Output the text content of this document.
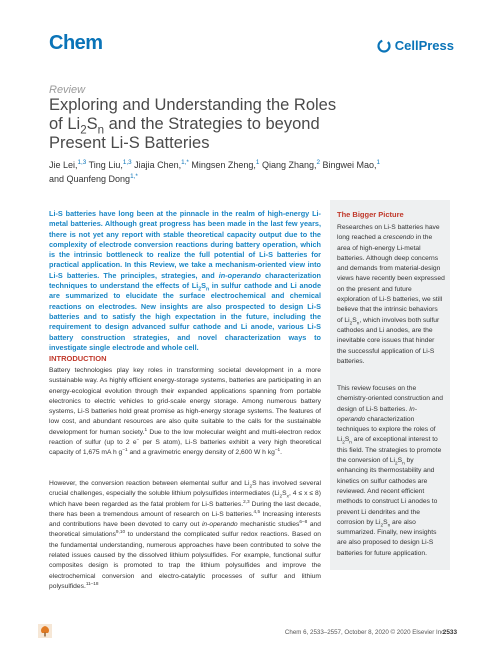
Chem	CellPress
Review
Exploring and Understanding the Roles
of $Li_2S_n$ and the Strategies to beyond
Present Li-S Batteries
Jie Lei,$^{1,3}$ Ting Liu,$^{1,3}$ Jiajia Chen,$^{1,*}$ Mingsen Zheng,$^1$ Qiang Zhang,$^2$ Bingwei Mao,$^1$
and Quanfeng Dong$^{1,*}$
Li-S batteries have long been at the pinnacle in the realm of high-energy Li-metal batteries. Although great progress has been made in the last few years, there is not yet any report with stable theoretical capacity output due to the complexity of electrode conversion reactions during battery operation, which is the intrinsic bottleneck to realize the full potential of Li-S batteries for practical application. In this Review, we take a mechanism-oriented view into Li-S batteries. The principles, strategies, and in-operando characterization techniques to understand the effects of $Li_2S_n$ in sulfur cathode and Li anode are summarized to elucidate the surface electrochemical and chemical reactions on electrodes. New insights are also prospected to design Li-S batteries and to satisfy the high expectation in the future, including the requirement to design advanced sulfur cathode and Li anode, various Li-S battery construction strategies, and novel characterization ways to investigate single electrode and whole cell.
The Bigger Picture
Researches on Li-S batteries have long reached a crescendo in the area of high-energy Li-metal batteries. Although deep concerns and demands from material-design views have recently been expressed on the present and future exploration of Li-S batteries, we still believe that the intrinsic behaviors of $Li_2S_n$, which involves both sulfur cathodes and Li anodes, are the inevitable core issues that hinder the successful application of Li-S batteries.
This review focuses on the chemistry-oriented construction and design of Li-S batteries. In-operando characterization techniques to explore the roles of $Li_2S_n$ are of exceptional interest to this field. The strategies to promote the conversion of $Li_2S_n$ by enhancing its thermostability and kinetics on sulfur cathodes are reviewed. And recent efficient methods to construct Li anodes to prevent Li dendrites and the corrosion by $Li_2S_n$ are also summarized. Finally, new insights are also proposed to design Li-S batteries for future application.
INTRODUCTION

Battery technologies play key roles in transforming societal development in a more sustainable way. As highly efficient energy-storage systems, batteries are participating in an energy-ecological evolution through their expanded applications spanning from portable electronics to electric vehicles to grid-scale energy storage. Among numerous battery systems, Li-S batteries hold great promise as high-energy storage systems. The features of low cost, and abundant resources are also quite suitable to the calls for the sustainable development for human society.$^1$ Due to the low molecular weight and multi-electron redox reaction of sulfur (up to 2 e− per S atom), Li-S batteries exhibit a very high theoretical capacity of 1,675 mA h $g^{-1}$ and a gravimetric energy density of 2,600 W h $kg^{-1}$.

However, the conversion reaction between elemental sulfur and $Li_2S$ has involved several crucial challenges, especially the soluble lithium polysulfides intermediates ($Li_2S_x$, 4 ≤ x ≤ 8) which have been regarded as the fatal problem for Li-S batteries.$^{2,3}$ During the last decade, there has been a tremendous amount of research on Li-S batteries.$^{4,5}$ Increasing interests and contributions have been devoted to carry out in-operando mechanistic studies$^{6-8}$ and theoretical simulations$^{9,10}$ to understand the complicated sulfur redox reactions. Based on the fundamental understanding, numerous approaches have been contributed to solve the related issues caused by the dissolved lithium polysulfides. For example, functional sulfur composites design is promoted to trap the lithium polysulfides and improve the electrochemical conversion and electro-catalytic processes of sulfur and lithium polysulfides.$^{11-18}$

Chem 6, 2533–2557, October 8, 2020 © 2020 Elsevier Inc.
2533
